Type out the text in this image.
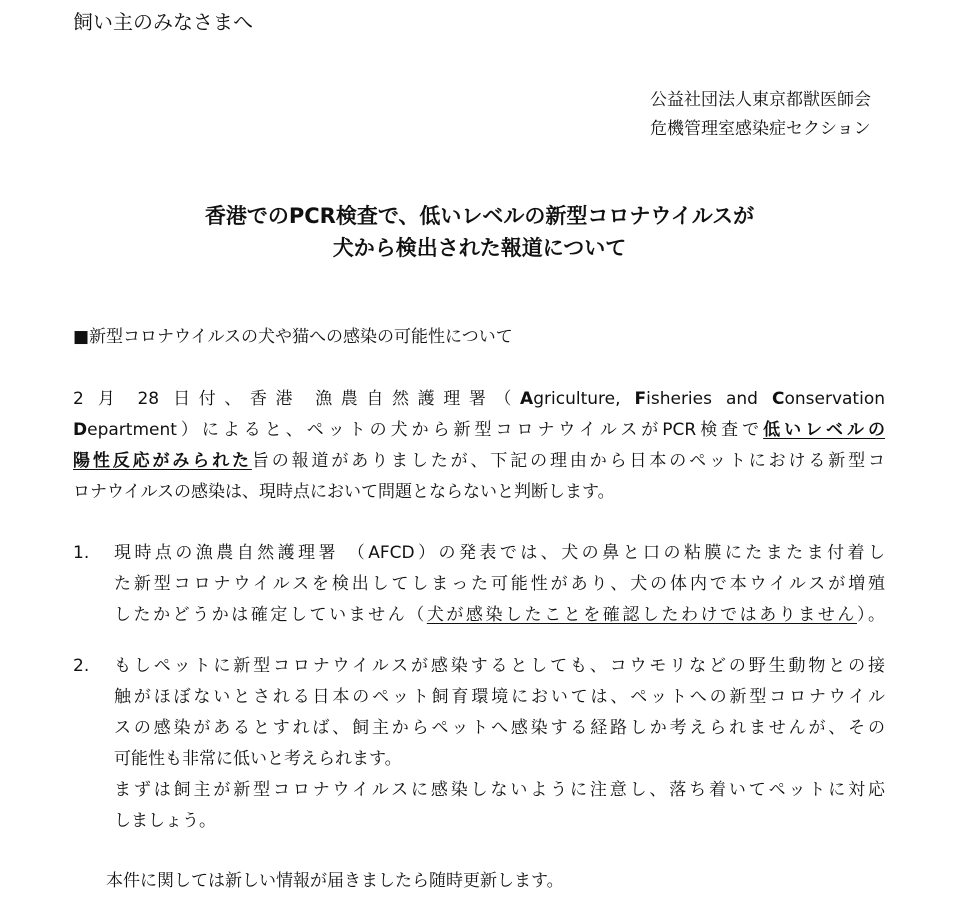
飼い主のみなさまへ
公益社団法人東京都獣医師会
危機管理室感染症セクション
香港でのPCR検査で、低いレベルの新型コロナウイルスが
犬から検出された報道について
■新型コロナウイルスの犬や猫への感染の可能性について
2 月 28 日付、香港 漁農自然護理署（Agriculture, Fisheries and Conservation
Department）によると、ペットの犬から新型コロナウイルスがPCR検査で低いレベルの
陽性反応がみられた旨の報道がありましたが、下記の理由から日本のペットにおける新型コ
ロナウイルスの感染は、現時点において問題とならないと判断します。
1.	現時点の漁農自然護理署 （AFCD）の発表では、犬の鼻と口の粘膜にたまたま付着し
た新型コロナウイルスを検出してしまった可能性があり、犬の体内で本ウイルスが増殖
したかどうかは確定していません（犬が感染したことを確認したわけではありません）。
2.	もしペットに新型コロナウイルスが感染するとしても、コウモリなどの野生動物との接
触がほぼないとされる日本のペット飼育環境においては、ペットへの新型コロナウイル
スの感染があるとすれば、飼主からペットへ感染する経路しか考えられませんが、その
可能性も非常に低いと考えられます。
まずは飼主が新型コロナウイルスに感染しないように注意し、落ち着いてペットに対応
しましょう。
本件に関しては新しい情報が届きましたら随時更新します。
